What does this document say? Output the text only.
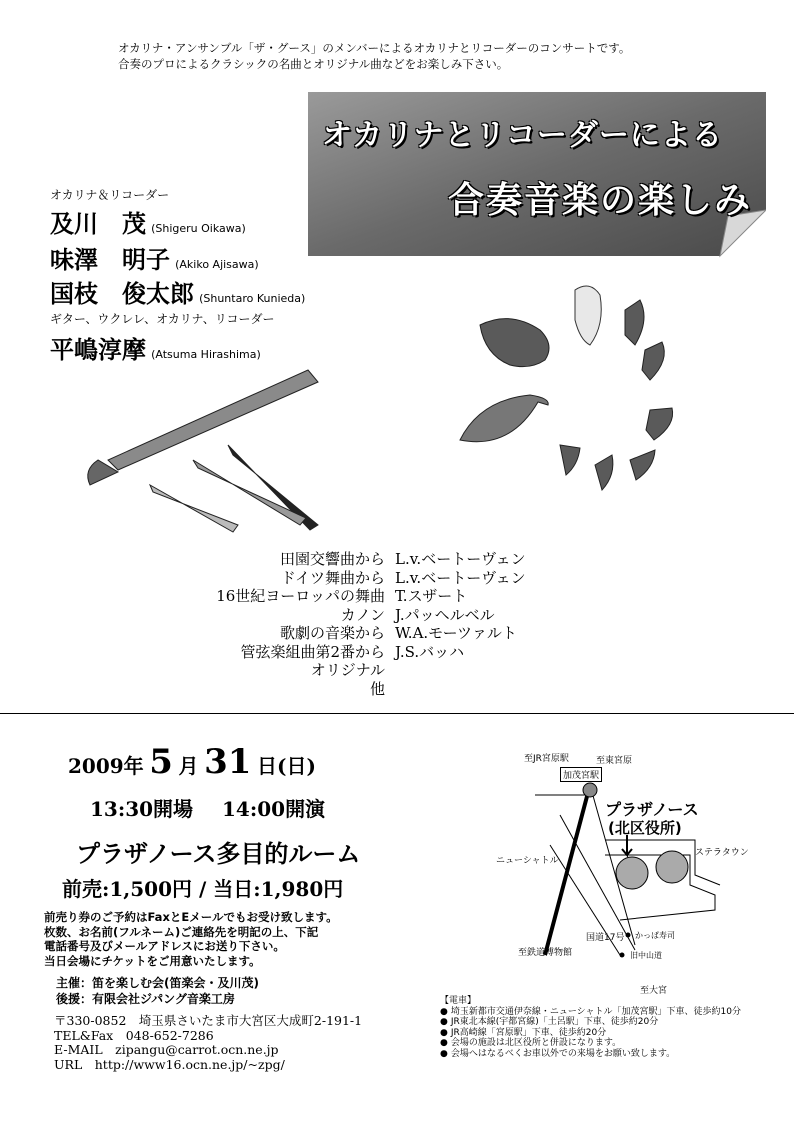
オカリナ・アンサンブル「ザ・グース」のメンバーによるオカリナとリコーダーのコンサートです。
合奏のプロによるクラシックの名曲とオリジナル曲などをお楽しみ下さい。
オカリナとリコーダーによる
合奏音楽の楽しみ
オカリナ＆リコーダー
及川　茂 (Shigeru Oikawa)
味澤　明子 (Akiko Ajisawa)
国枝　俊太郎 (Shuntaro Kunieda)
ギター、ウクレレ、オカリナ、リコーダー
平嶋淳摩 (Atsuma Hirashima)
田園交響曲から L.v.ベートーヴェン
ドイツ舞曲から L.v.ベートーヴェン
16世紀ヨーロッパの舞曲 T.スザート
カノン J.パッヘルベル
歌劇の音楽から W.A.モーツァルト
管弦楽組曲第2番から J.S.バッハ
オリジナル
他
2009年 5 月 31 日(日)
13:30開場 14:00開演
プラザノース多目的ルーム
前売:1,500円 / 当日:1,980円
前売り券のご予約はFaxとEメールでもお受け致します。
枚数、お名前(フルネーム)ご連絡先を明記の上、下記
電話番号及びメールアドレスにお送り下さい。
当日会場にチケットをご用意いたします。
主催：笛を楽しむ会(笛楽会・及川茂)
後援：有限会社ジパング音楽工房
〒330-0852　埼玉県さいたま市大宮区大成町2-191-1
TEL&Fax　048-652-7286
E-MAIL　zipangu@carrot.ocn.ne.jp
URL　http://www16.ocn.ne.jp/~zpg/
至JR宮原駅	至東宮原
加茂宮駅
プラザノース
(北区役所)
ステラタウン
ニューシャトル
国道17号
至鉄道博物館
かっぱ寿司
旧中山道
至大宮
【電車】
● 埼玉新都市交通伊奈線・ニューシャトル「加茂宮駅」下車、徒歩約10分
● JR東北本線(宇都宮線)「土呂駅」下車、徒歩約20分
● JR高崎線「宮原駅」下車、徒歩約20分
● 会場の施設は北区役所と併設になります。
● 会場へはなるべくお車以外での来場をお願い致します。
